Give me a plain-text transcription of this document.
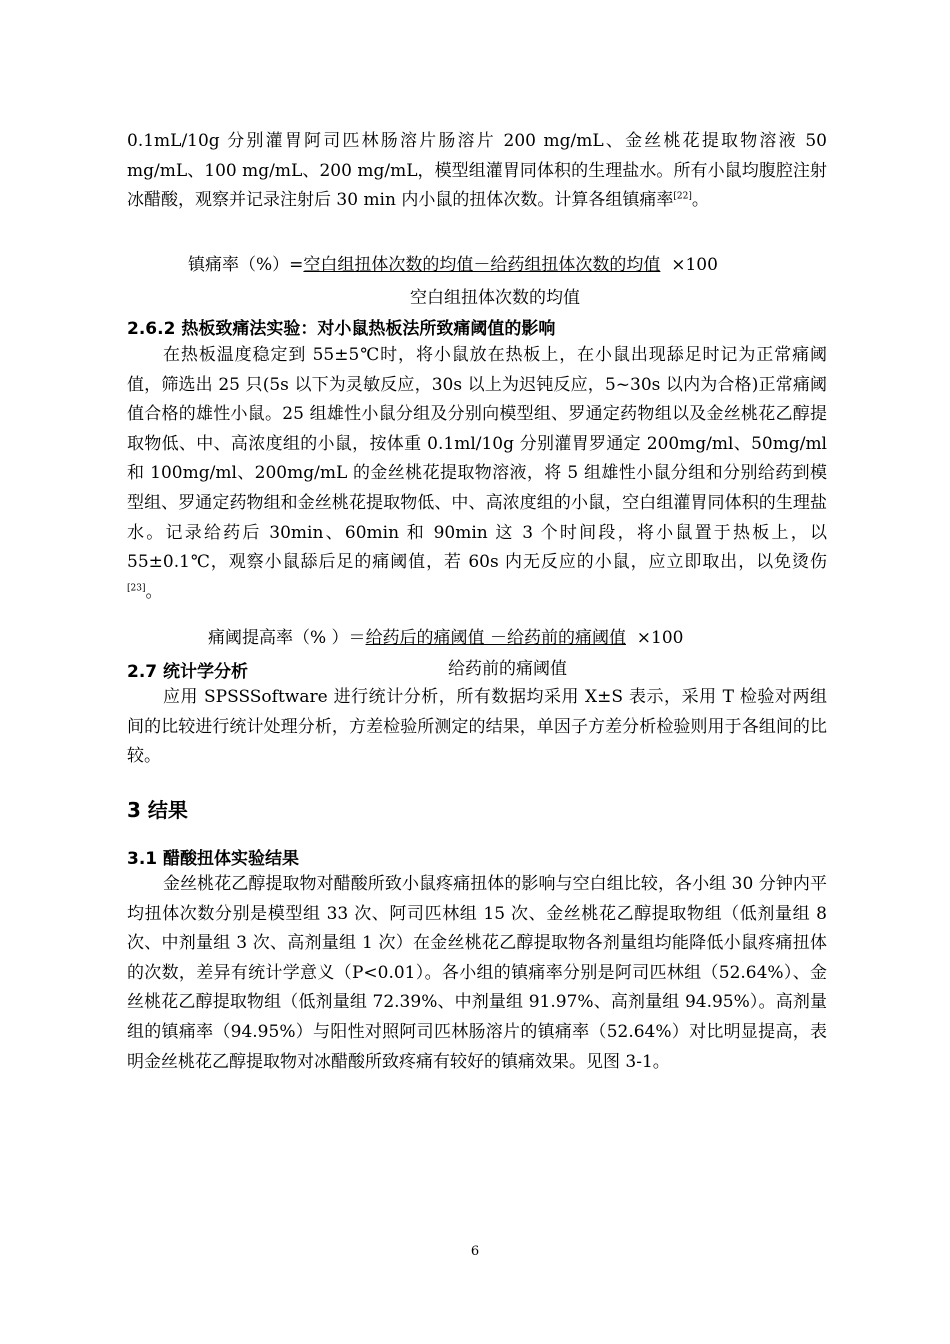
0.1mL/10g 分别灌胃阿司匹林肠溶片肠溶片 200 mg/mL、金丝桃花提取物溶液 50 mg/mL、100 mg/mL、200 mg/mL，模型组灌胃同体积的生理盐水。所有小鼠均腹腔注射冰醋酸，观察并记录注射后 30 min 内小鼠的扭体次数。计算各组镇痛率[22]。

镇痛率（%）=空白组扭体次数的均值－给药组扭体次数的均值 ×100
空白组扭体次数的均值

2.6.2 热板致痛法实验：对小鼠热板法所致痛阈值的影响

在热板温度稳定到 55±5℃时，将小鼠放在热板上，在小鼠出现舔足时记为正常痛阈值，筛选出 25 只(5s 以下为灵敏反应，30s 以上为迟钝反应，5~30s 以内为合格)正常痛阈值合格的雄性小鼠。25 组雄性小鼠分组及分别向模型组、罗通定药物组以及金丝桃花乙醇提取物低、中、高浓度组的小鼠，按体重 0.1ml/10g 分别灌胃罗通定 200mg/ml、50mg/ml 和 100mg/ml、200mg/mL 的金丝桃花提取物溶液，将 5 组雄性小鼠分组和分别给药到模型组、罗通定药物组和金丝桃花提取物低、中、高浓度组的小鼠，空白组灌胃同体积的生理盐水。记录给药后 30min、60min 和 90min 这 3 个时间段，将小鼠置于热板上，以 55±0.1℃，观察小鼠舔后足的痛阈值，若 60s 内无反应的小鼠，应立即取出，以免烫伤[23]。

痛阈提高率（% ）＝给药后的痛阈值 －给药前的痛阈值 ×100
给药前的痛阈值

2.7 统计学分析

应用 SPSSSoftware 进行统计分析，所有数据均采用 X±S 表示，采用 T 检验对两组间的比较进行统计处理分析，方差检验所测定的结果，单因子方差分析检验则用于各组间的比较。

3 结果

3.1 醋酸扭体实验结果

金丝桃花乙醇提取物对醋酸所致小鼠疼痛扭体的影响与空白组比较，各小组 30 分钟内平均扭体次数分别是模型组 33 次、阿司匹林组 15 次、金丝桃花乙醇提取物组（低剂量组 8 次、中剂量组 3 次、高剂量组 1 次）在金丝桃花乙醇提取物各剂量组均能降低小鼠疼痛扭体的次数，差异有统计学意义（P<0.01）。各小组的镇痛率分别是阿司匹林组（52.64%）、金丝桃花乙醇提取物组（低剂量组 72.39%、中剂量组 91.97%、高剂量组 94.95%）。高剂量组的镇痛率（94.95%）与阳性对照阿司匹林肠溶片的镇痛率（52.64%）对比明显提高，表明金丝桃花乙醇提取物对冰醋酸所致疼痛有较好的镇痛效果。见图 3-1。

6
